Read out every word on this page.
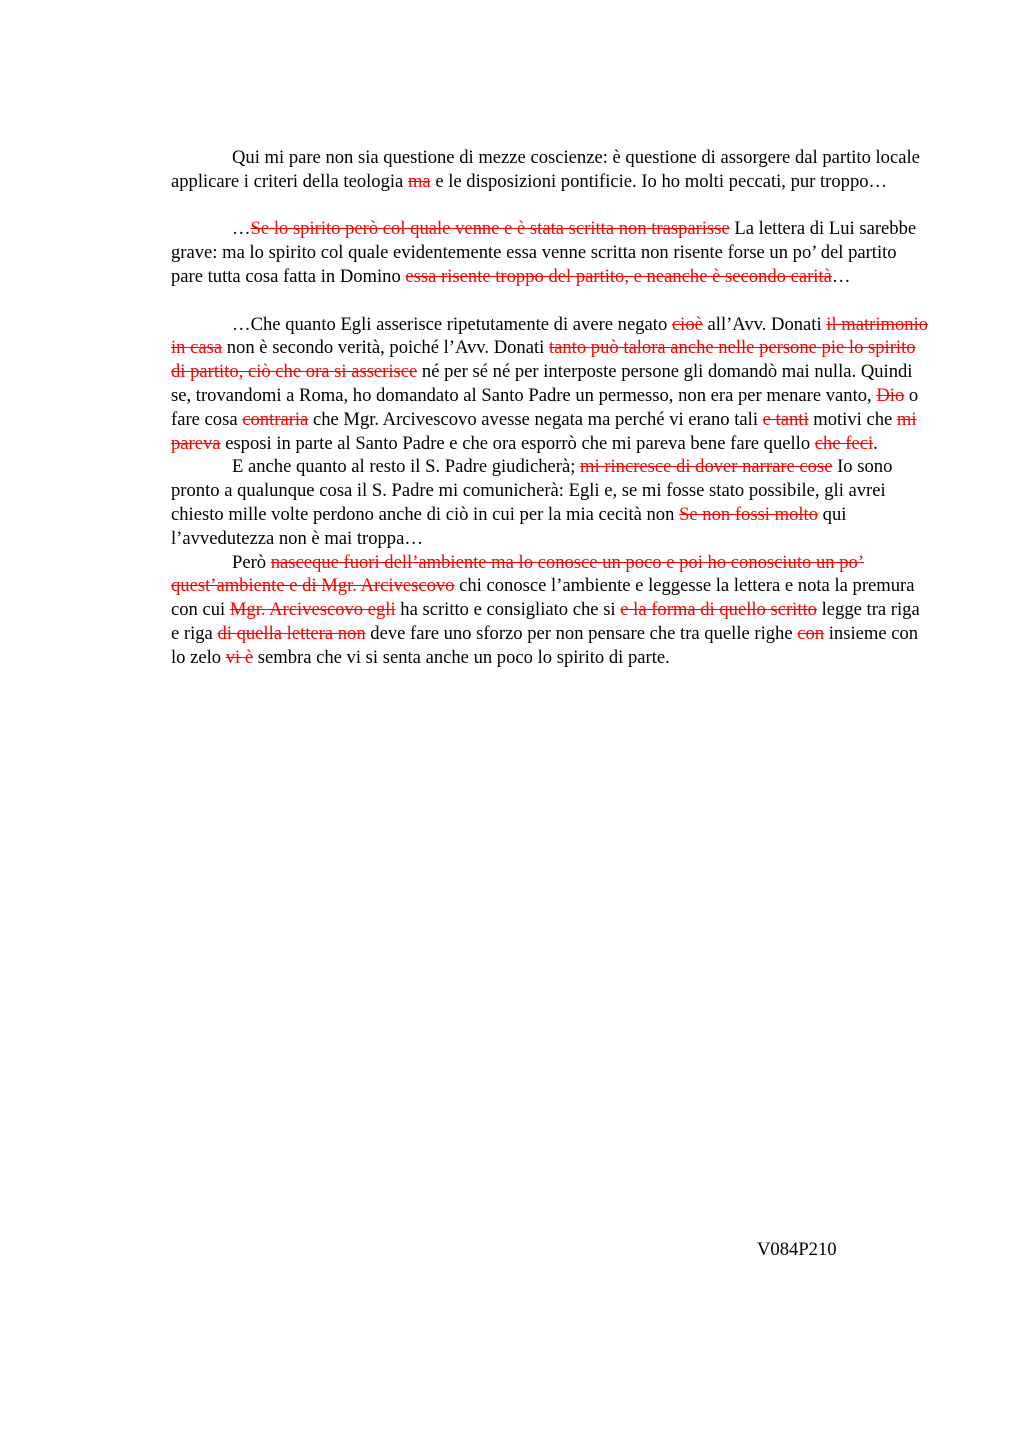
Qui mi pare non sia questione di mezze coscienze: è questione di assorgere dal partito locale applicare i criteri della teologia ma e le disposizioni pontificie. Io ho molti peccati, pur troppo…

…Se lo spirito però col quale venne e è stata scritta non trasparisse La lettera di Lui sarebbe grave: ma lo spirito col quale evidentemente essa venne scritta non risente forse un po’ del partito pare tutta cosa fatta in Domino essa risente troppo del partito, e neanche è secondo carità…

…Che quanto Egli asserisce ripetutamente di avere negato cioè all’Avv. Donati il matrimonio in casa non è secondo verità, poiché l’Avv. Donati tanto può talora anche nelle persone pie lo spirito di partito, ciò che ora si asserisce né per sé né per interposte persone gli domandò mai nulla. Quindi se, trovandomi a Roma, ho domandato al Santo Padre un permesso, non era per menare vanto, Dio o fare cosa contraria che Mgr. Arcivescovo avesse negata ma perché vi erano tali e tanti motivi che mi pareva esposi in parte al Santo Padre e che ora esporrò che mi pareva bene fare quello che feci.

E anche quanto al resto il S. Padre giudicherà; mi rincresce di dover narrare cose Io sono pronto a qualunque cosa il S. Padre mi comunicherà: Egli e, se mi fosse stato possibile, gli avrei chiesto mille volte perdono anche di ciò in cui per la mia cecità non Se non fossi molto qui l’avvedutezza non è mai troppa…

Però nasceque fuori dell’ambiente ma lo conosce un poco e poi ho conosciuto un po’ quest’ambiente e di Mgr. Arcivescovo chi conosce l’ambiente e leggesse la lettera e nota la premura con cui Mgr. Arcivescovo egli ha scritto e consigliato che si e la forma di quello scritto legge tra riga e riga di quella lettera non deve fare uno sforzo per non pensare che tra quelle righe con insieme con lo zelo vi è sembra che vi si senta anche un poco lo spirito di parte.

V084P210
